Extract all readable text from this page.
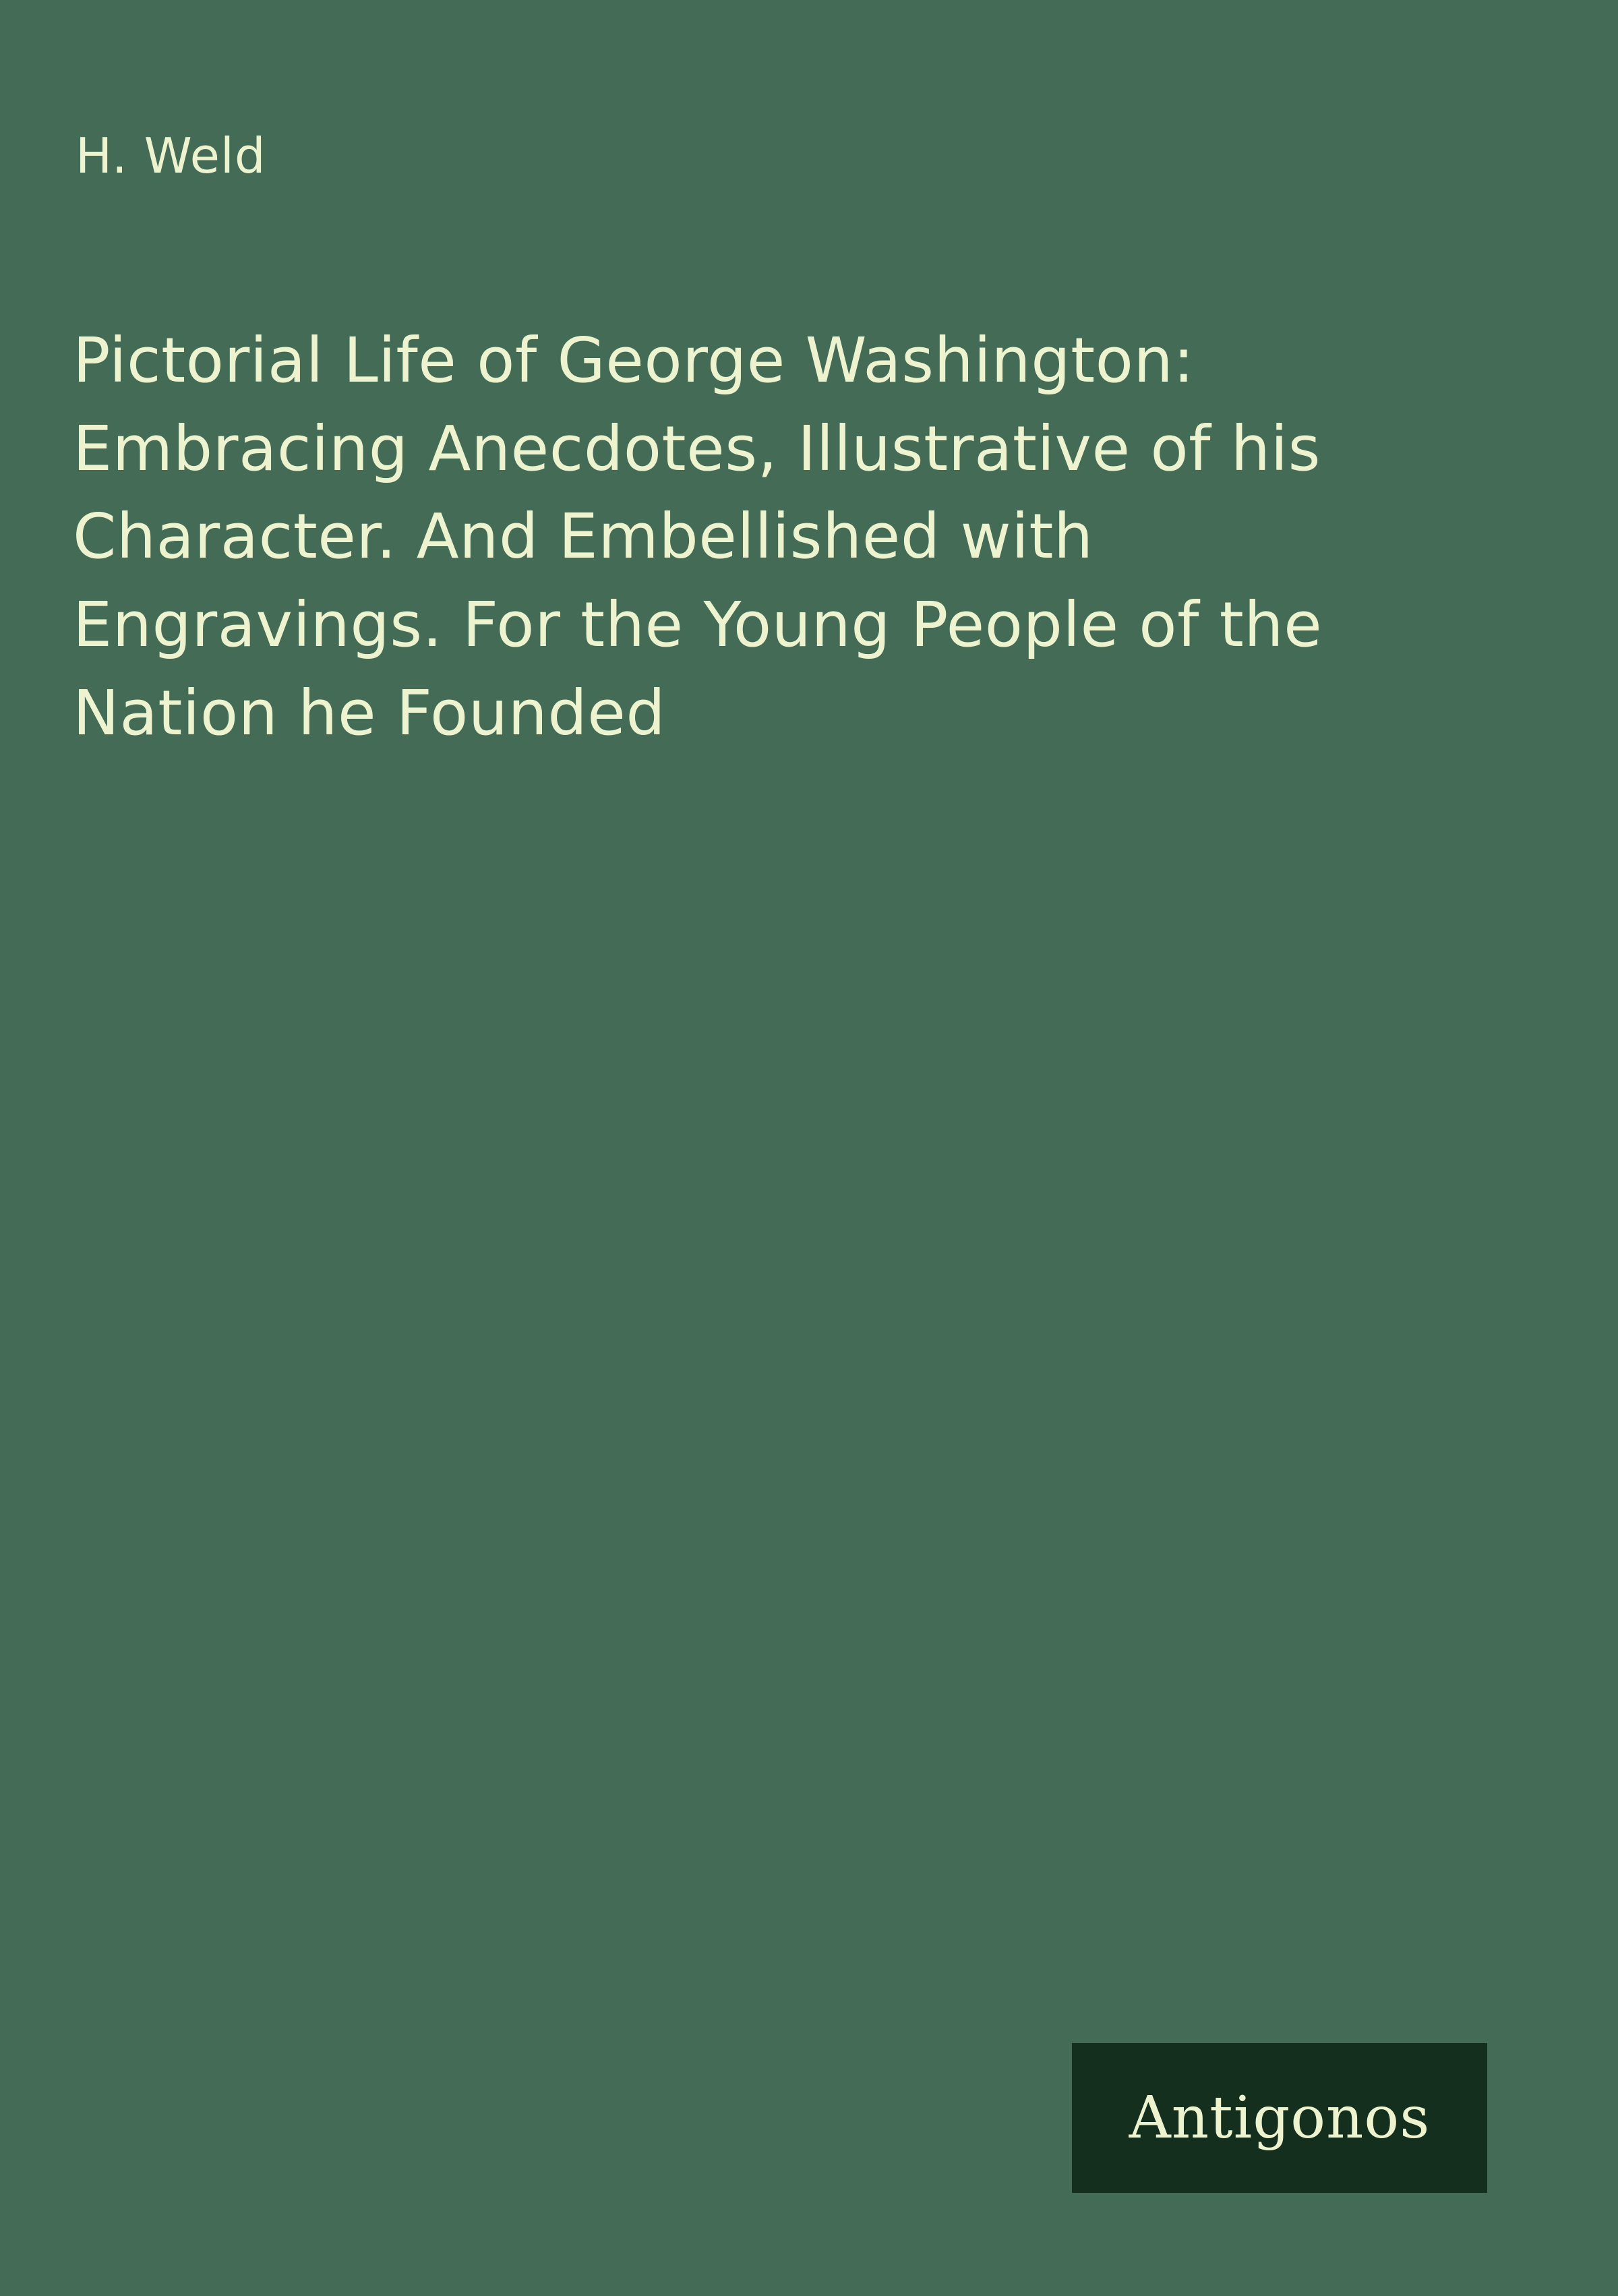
H. Weld
Pictorial Life of George Washington: Embracing Anecdotes, Illustrative of his Character. And Embellished with Engravings. For the Young People of the Nation he Founded
Antigonos
